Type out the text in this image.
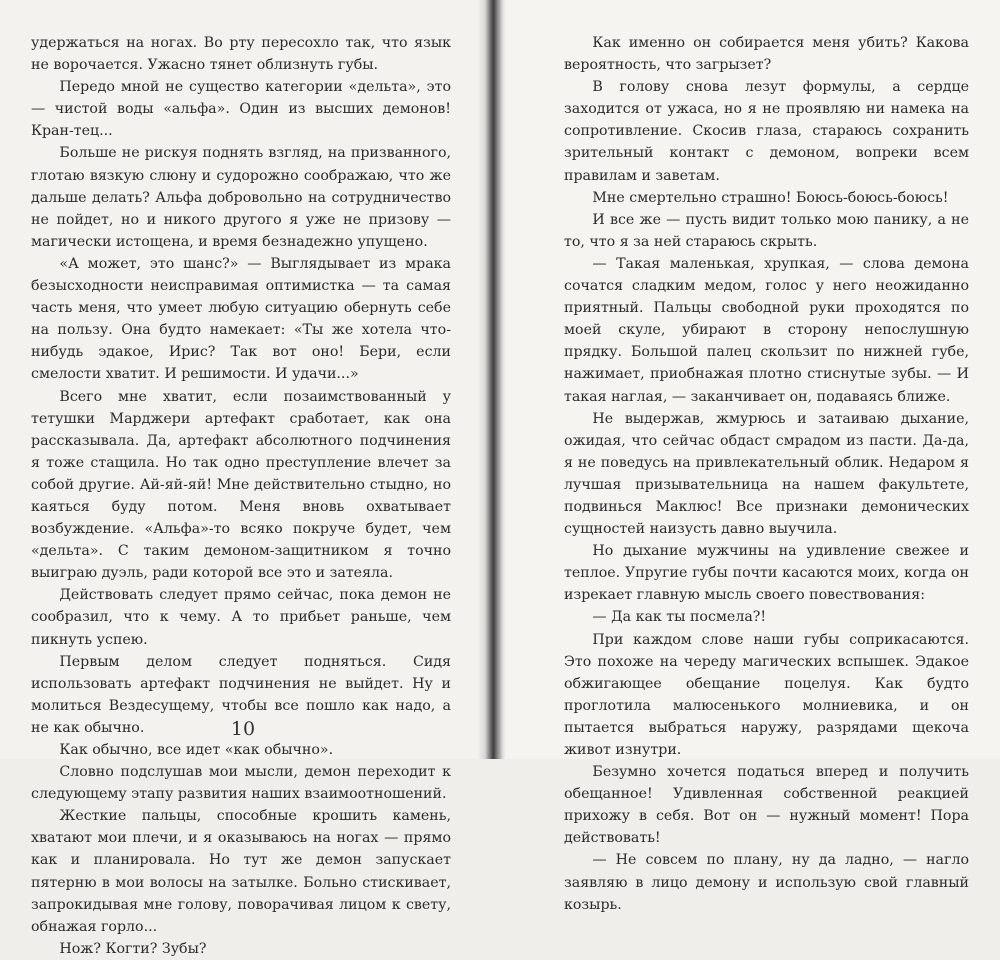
удержаться на ногах. Во рту пересохло так, что язык не ворочается. Ужасно тянет облизнуть губы.

Передо мной не существо категории «дельта», это — чистой воды «альфа». Один из высших демонов! Кран-тец...

Больше не рискуя поднять взгляд, на призванного, глотаю вязкую слюну и судорожно соображаю, что же дальше делать? Альфа добровольно на сотрудничество не пойдет, но и никого другого я уже не призову — магически истощена, и время безнадежно упущено.

«А может, это шанс?» — Выглядывает из мрака безысходности неисправимая оптимистка — та самая часть меня, что умеет любую ситуацию обернуть себе на пользу. Она будто намекает: «Ты же хотела что-нибудь эдакое, Ирис? Так вот оно! Бери, если смелости хватит. И решимости. И удачи...»

Всего мне хватит, если позаимствованный у тетушки Марджери артефакт сработает, как она рассказывала. Да, артефакт абсолютного подчинения я тоже стащила. Но так одно преступление влечет за собой другие. Ай-яй-яй! Мне действительно стыдно, но каяться буду потом. Меня вновь охватывает возбуждение. «Альфа»-то всяко покруче будет, чем «дельта». С таким демоном-защитником я точно выиграю дуэль, ради которой все это и затеяла.

Действовать следует прямо сейчас, пока демон не сообразил, что к чему. А то прибьет раньше, чем пикнуть успею.

Первым делом следует подняться. Сидя использовать артефакт подчинения не выйдет. Ну и молиться Вездесущему, чтобы все пошло как надо, а не как обычно.

Как обычно, все идет «как обычно».

Словно подслушав мои мысли, демон переходит к следующему этапу развития наших взаимоотношений.

Жесткие пальцы, способные крошить камень, хватают мои плечи, и я оказываюсь на ногах — прямо как и планировала. Но тут же демон запускает пятерню в мои волосы на затылке. Больно стискивает, запрокидывая мне голову, поворачивая лицом к свету, обнажая горло...

Нож? Когти? Зубы?

10

Как именно он собирается меня убить? Какова вероятность, что загрызет?

В голову снова лезут формулы, а сердце заходится от ужаса, но я не проявляю ни намека на сопротивление. Скосив глаза, стараюсь сохранить зрительный контакт с демоном, вопреки всем правилам и заветам.

Мне смертельно страшно! Боюсь-боюсь-боюсь!

И все же — пусть видит только мою панику, а не то, что я за ней стараюсь скрыть.

— Такая маленькая, хрупкая, — слова демона сочатся сладким медом, голос у него неожиданно приятный. Пальцы свободной руки проходятся по моей скуле, убирают в сторону непослушную прядку. Большой палец скользит по нижней губе, нажимает, приобнажая плотно стиснутые зубы. — И такая наглая, — заканчивает он, подаваясь ближе.

Не выдержав, жмурюсь и затаиваю дыхание, ожидая, что сейчас обдаст смрадом из пасти. Да-да, я не поведусь на привлекательный облик. Недаром я лучшая призывательница на нашем факультете, подвинься Маклюс! Все признаки демонических сущностей наизусть давно выучила.

Но дыхание мужчины на удивление свежее и теплое. Упругие губы почти касаются моих, когда он изрекает главную мысль своего повествования:

— Да как ты посмела?!

При каждом слове наши губы соприкасаются. Это похоже на череду магических вспышек. Эдакое обжигающее обещание поцелуя. Как будто проглотила малюсенького молниевика, и он пытается выбраться наружу, разрядами щекоча живот изнутри.

Безумно хочется податься вперед и получить обещанное! Удивленная собственной реакцией прихожу в себя. Вот он — нужный момент! Пора действовать!

— Не совсем по плану, ну да ладно, — нагло заявляю в лицо демону и использую свой главный козырь.
